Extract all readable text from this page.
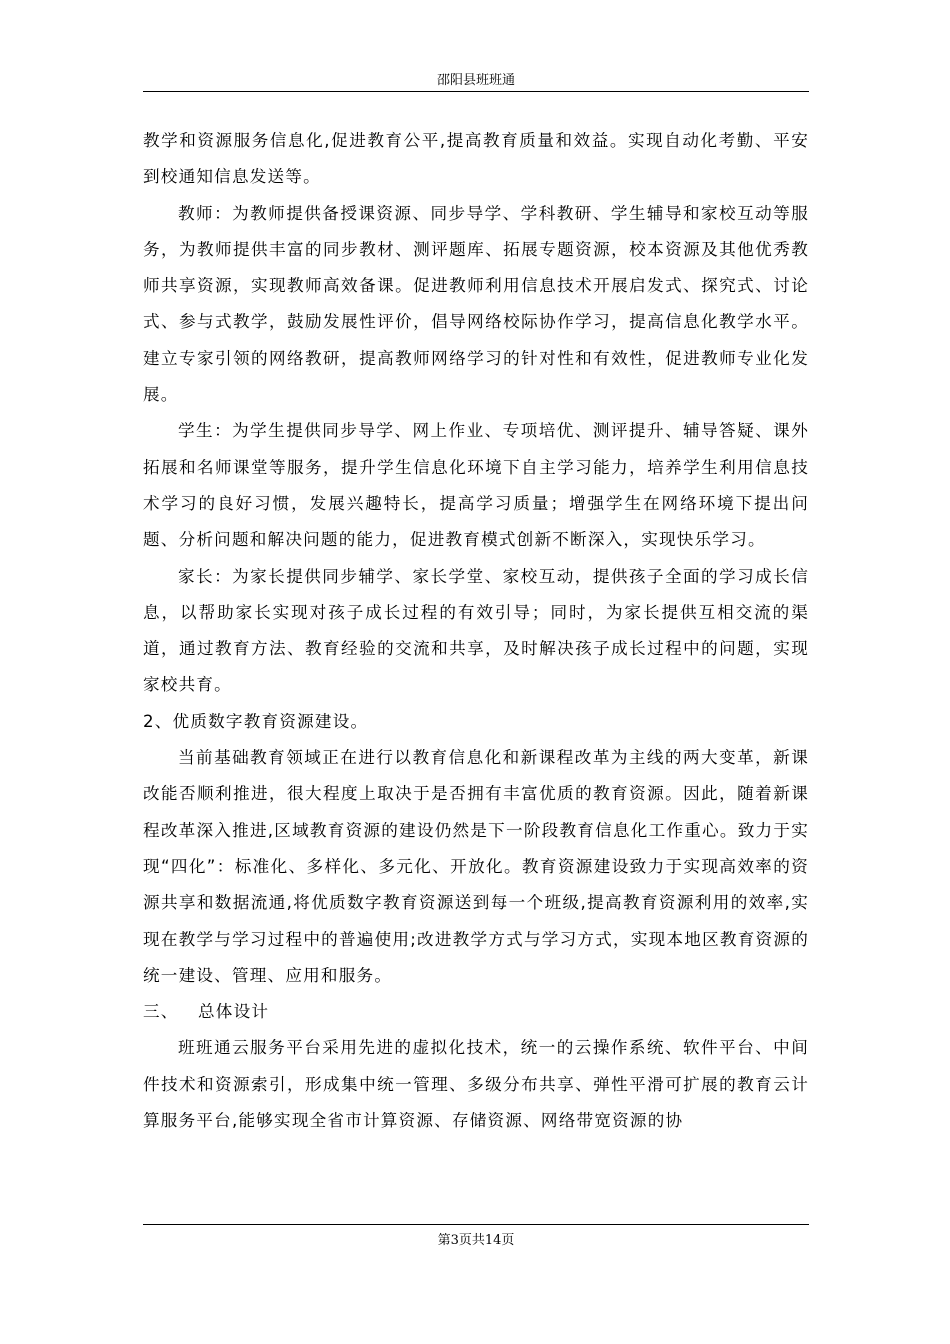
邵阳县班班通

教学和资源服务信息化,促进教育公平,提高教育质量和效益。实现自动化考勤、平安到校通知信息发送等。

教师：为教师提供备授课资源、同步导学、学科教研、学生辅导和家校互动等服务，为教师提供丰富的同步教材、测评题库、拓展专题资源，校本资源及其他优秀教师共享资源，实现教师高效备课。促进教师利用信息技术开展启发式、探究式、讨论式、参与式教学，鼓励发展性评价，倡导网络校际协作学习，提高信息化教学水平。建立专家引领的网络教研，提高教师网络学习的针对性和有效性，促进教师专业化发展。

学生：为学生提供同步导学、网上作业、专项培优、测评提升、辅导答疑、课外拓展和名师课堂等服务，提升学生信息化环境下自主学习能力，培养学生利用信息技术学习的良好习惯，发展兴趣特长，提高学习质量；增强学生在网络环境下提出问题、分析问题和解决问题的能力，促进教育模式创新不断深入，实现快乐学习。

家长：为家长提供同步辅学、家长学堂、家校互动，提供孩子全面的学习成长信息，以帮助家长实现对孩子成长过程的有效引导；同时，为家长提供互相交流的渠道，通过教育方法、教育经验的交流和共享，及时解决孩子成长过程中的问题，实现家校共育。

2、优质数字教育资源建设。

当前基础教育领域正在进行以教育信息化和新课程改革为主线的两大变革，新课改能否顺利推进，很大程度上取决于是否拥有丰富优质的教育资源。因此，随着新课程改革深入推进,区域教育资源的建设仍然是下一阶段教育信息化工作重心。致力于实现“四化”：标准化、多样化、多元化、开放化。教育资源建设致力于实现高效率的资源共享和数据流通,将优质数字教育资源送到每一个班级,提高教育资源利用的效率,实现在教学与学习过程中的普遍使用;改进教学方式与学习方式，实现本地区教育资源的统一建设、管理、应用和服务。

三、 总体设计

班班通云服务平台采用先进的虚拟化技术，统一的云操作系统、软件平台、中间件技术和资源索引，形成集中统一管理、多级分布共享、弹性平滑可扩展的教育云计算服务平台,能够实现全省市计算资源、存储资源、网络带宽资源的协

第3页共14页
